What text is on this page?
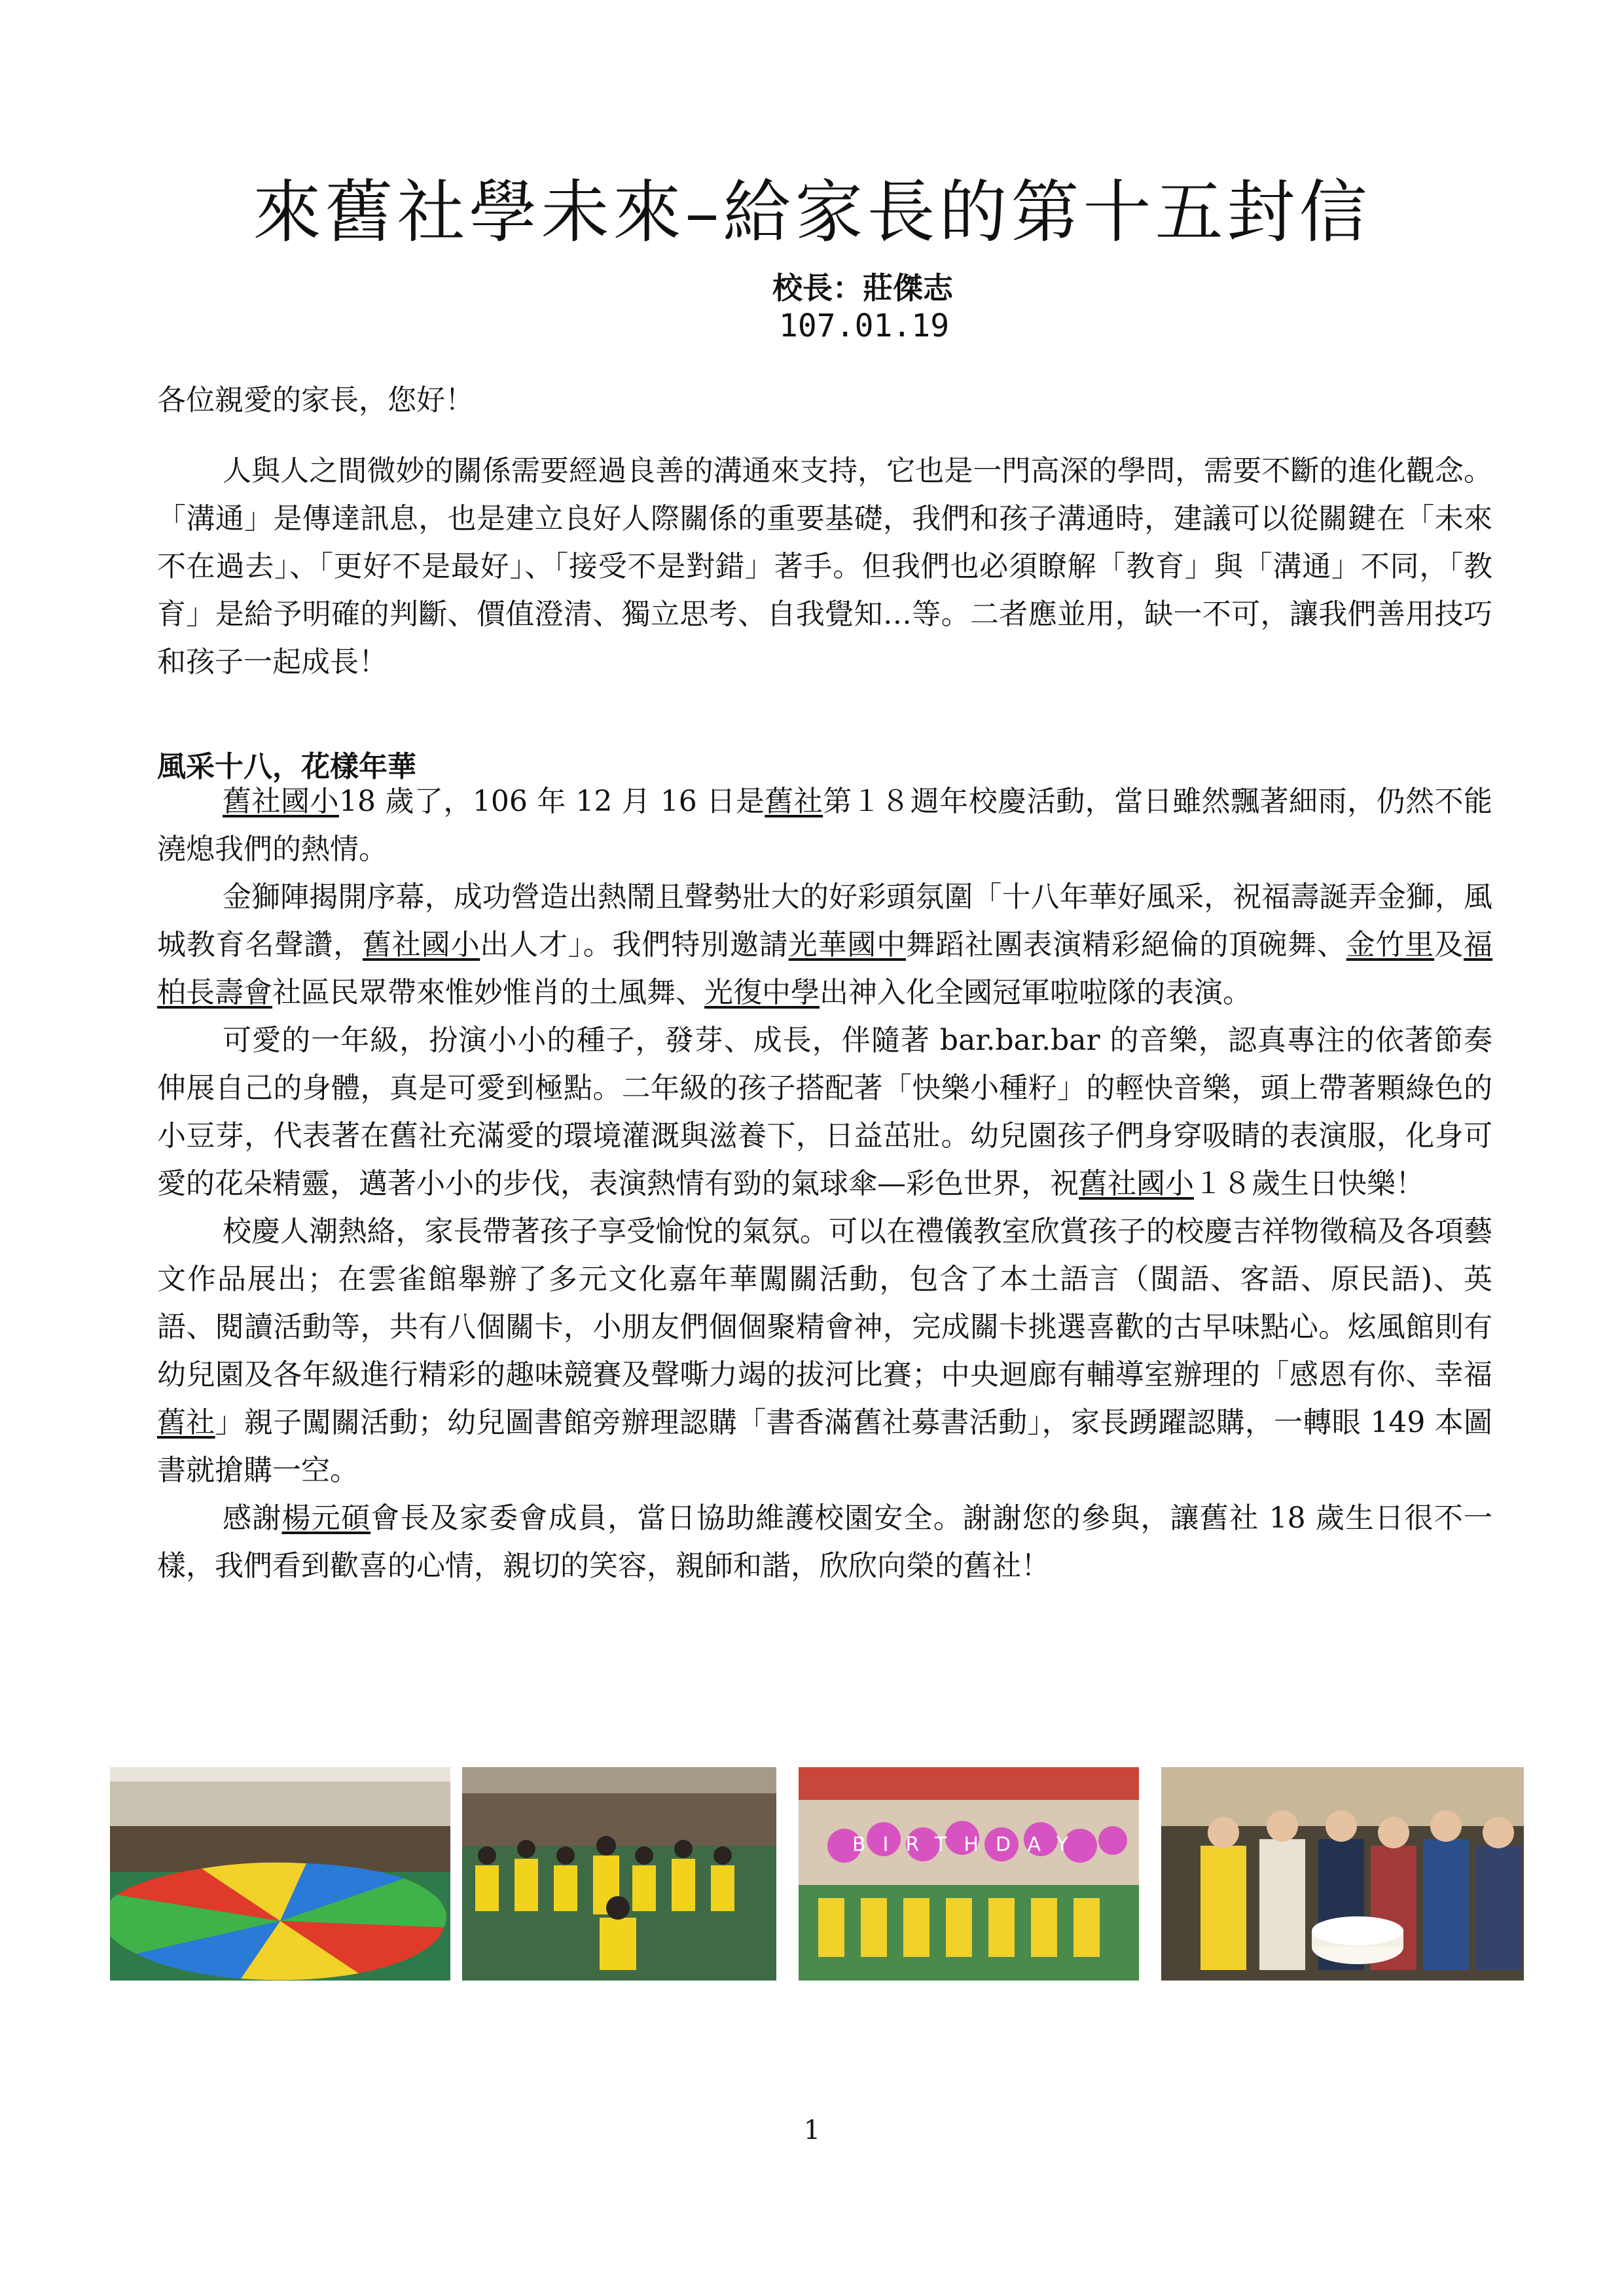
來舊社學未來–給家長的第十五封信
校長：莊傑志
107.01.19
各位親愛的家長，您好！

人與人之間微妙的關係需要經過良善的溝通來支持，它也是一門高深的學問，需要不斷的進化觀念。「溝通」是傳達訊息，也是建立良好人際關係的重要基礎，我們和孩子溝通時，建議可以從關鍵在「未來不在過去」、「更好不是最好」、「接受不是對錯」著手。但我們也必須瞭解「教育」與「溝通」不同，「教育」是給予明確的判斷、價值澄清、獨立思考、自我覺知…等。二者應並用，缺一不可，讓我們善用技巧和孩子一起成長！

風采十八，花樣年華

舊社國小18 歲了，106 年 12 月 16 日是舊社第１８週年校慶活動，當日雖然飄著細雨，仍然不能澆熄我們的熱情。

金獅陣揭開序幕，成功營造出熱鬧且聲勢壯大的好彩頭氛圍「十八年華好風采，祝福壽誕弄金獅，風城教育名聲讚，舊社國小出人才」。我們特別邀請光華國中舞蹈社團表演精彩絕倫的頂碗舞、金竹里及福柏長壽會社區民眾帶來惟妙惟肖的土風舞、光復中學出神入化全國冠軍啦啦隊的表演。

可愛的一年級，扮演小小的種子，發芽、成長，伴隨著 bar.bar.bar 的音樂，認真專注的依著節奏伸展自己的身體，真是可愛到極點。二年級的孩子搭配著「快樂小種籽」的輕快音樂，頭上帶著顆綠色的小豆芽，代表著在舊社充滿愛的環境灌溉與滋養下，日益茁壯。幼兒園孩子們身穿吸睛的表演服，化身可愛的花朵精靈，邁著小小的步伐，表演熱情有勁的氣球傘—彩色世界，祝舊社國小１８歲生日快樂！

校慶人潮熱絡，家長帶著孩子享受愉悅的氣氛。可以在禮儀教室欣賞孩子的校慶吉祥物徵稿及各項藝文作品展出；在雲雀館舉辦了多元文化嘉年華闖關活動，包含了本土語言（閩語、客語、原民語)、英語、閱讀活動等，共有八個關卡，小朋友們個個聚精會神，完成關卡挑選喜歡的古早味點心。炫風館則有幼兒園及各年級進行精彩的趣味競賽及聲嘶力竭的拔河比賽；中央迴廊有輔導室辦理的「感恩有你、幸福舊社」親子闖關活動；幼兒圖書館旁辦理認購「書香滿舊社募書活動」，家長踴躍認購，一轉眼 149 本圖書就搶購一空。

感謝楊元碩會長及家委會成員，當日協助維護校園安全。謝謝您的參與，讓舊社 18 歲生日很不一樣，我們看到歡喜的心情，親切的笑容，親師和諧，欣欣向榮的舊社！

BIRTHDAY
1
